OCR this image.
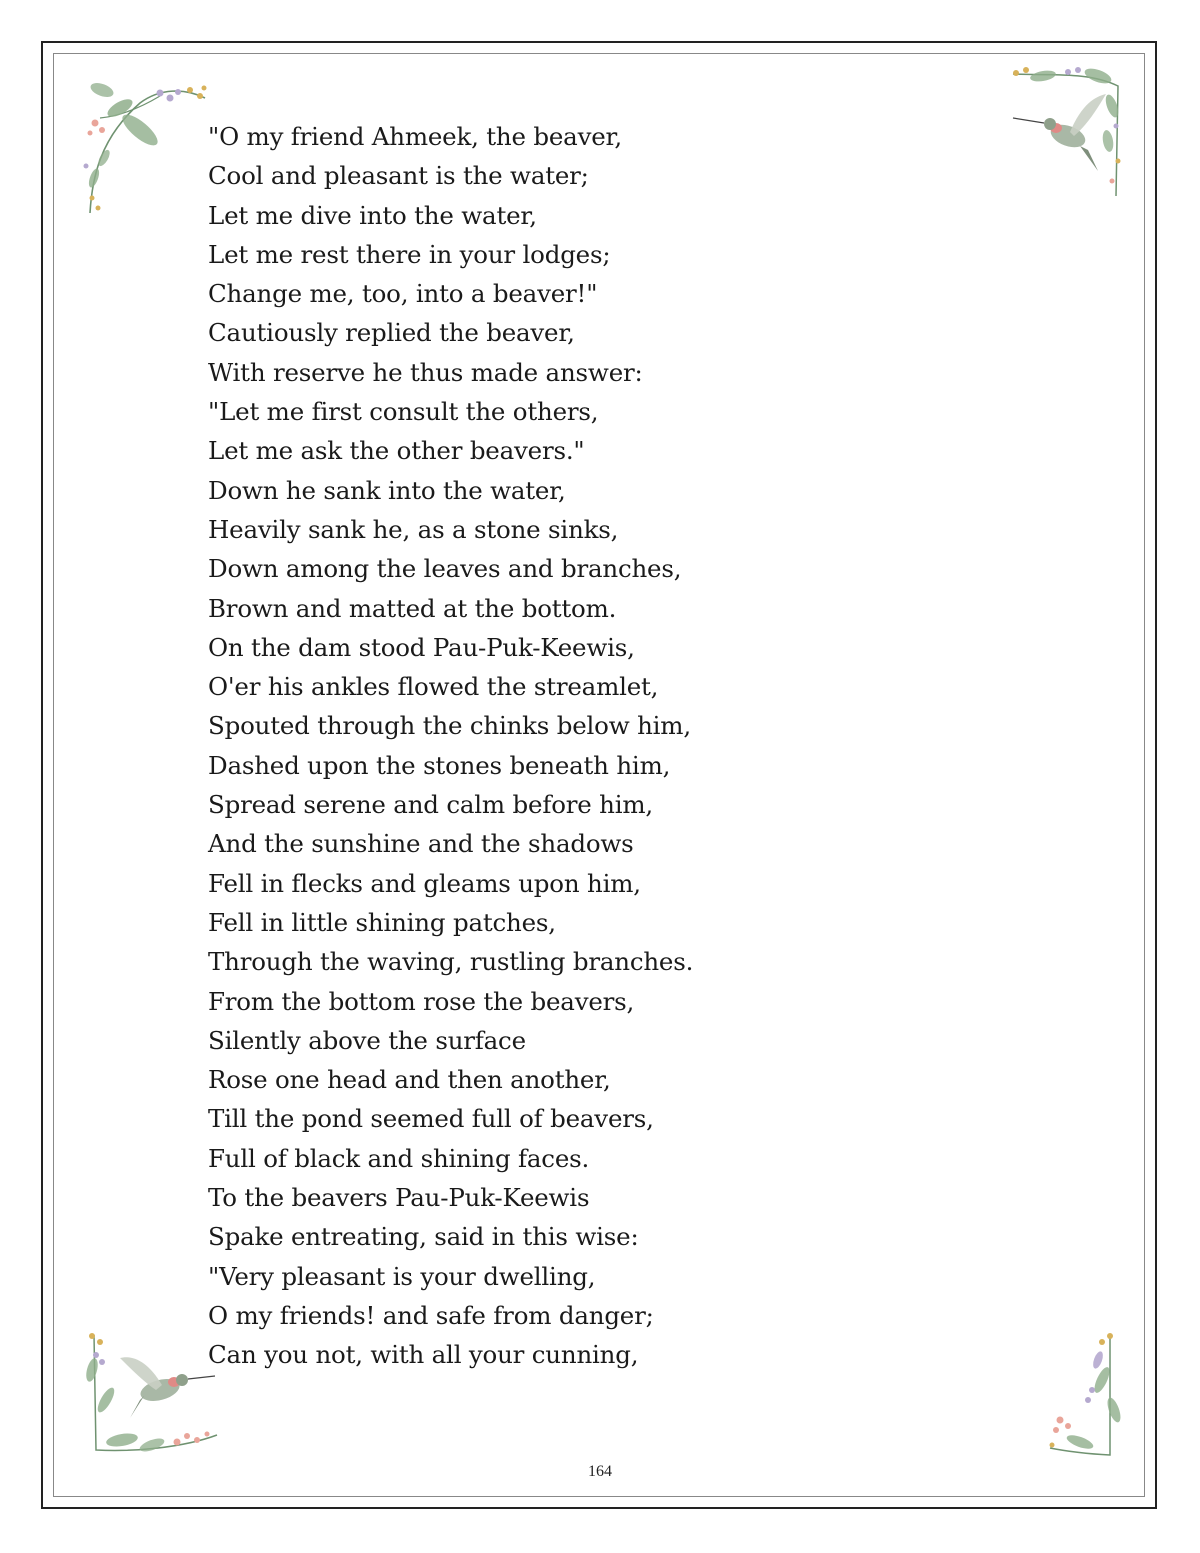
"O my friend Ahmeek, the beaver,
Cool and pleasant is the water;
Let me dive into the water,
Let me rest there in your lodges;
Change me, too, into a beaver!"
Cautiously replied the beaver,
With reserve he thus made answer:
"Let me first consult the others,
Let me ask the other beavers."
Down he sank into the water,
Heavily sank he, as a stone sinks,
Down among the leaves and branches,
Brown and matted at the bottom.
On the dam stood Pau-Puk-Keewis,
O'er his ankles flowed the streamlet,
Spouted through the chinks below him,
Dashed upon the stones beneath him,
Spread serene and calm before him,
And the sunshine and the shadows
Fell in flecks and gleams upon him,
Fell in little shining patches,
Through the waving, rustling branches.
From the bottom rose the beavers,
Silently above the surface
Rose one head and then another,
Till the pond seemed full of beavers,
Full of black and shining faces.
To the beavers Pau-Puk-Keewis
Spake entreating, said in this wise:
"Very pleasant is your dwelling,
O my friends! and safe from danger;
Can you not, with all your cunning,
164
